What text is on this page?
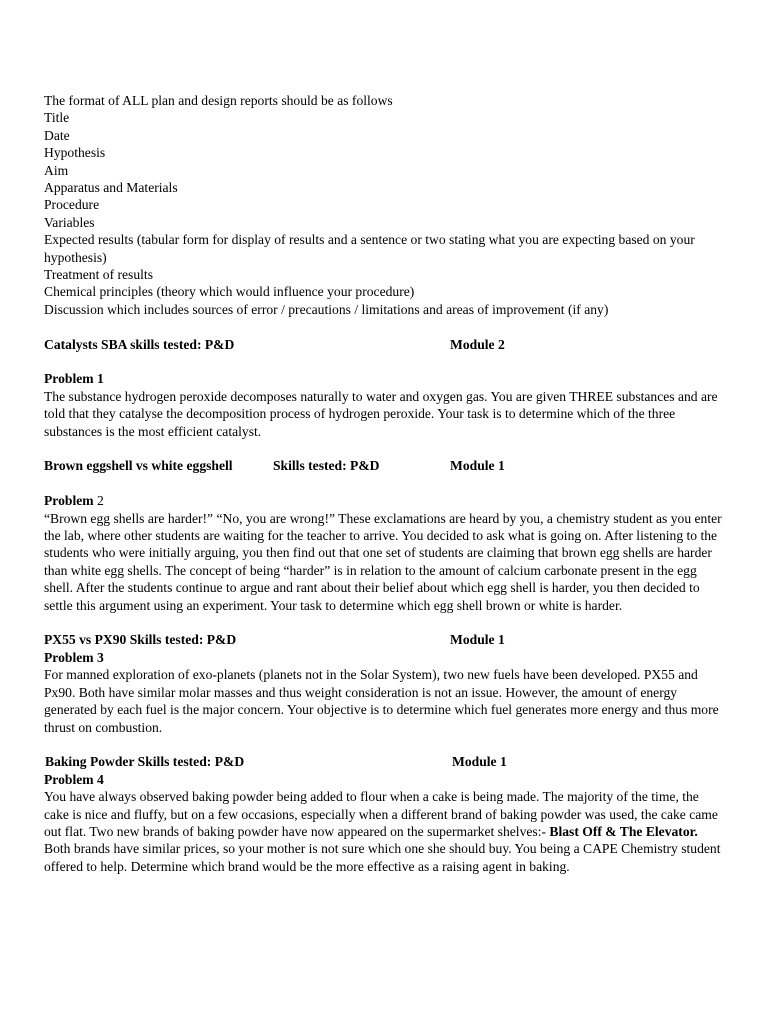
The format of ALL plan and design reports should be as follows

Title

Date

Hypothesis

Aim

Apparatus and Materials

Procedure

Variables

Expected results (tabular form for display of results and a sentence or two stating what you are expecting based on your hypothesis)

Treatment of results

Chemical principles (theory which would influence your procedure)

Discussion which includes sources of error / precautions / limitations and areas of improvement (if any)

Catalysts SBA skills tested: P&D	Module 2

Problem 1

The substance hydrogen peroxide decomposes naturally to water and oxygen gas. You are given THREE substances and are told that they catalyse the decomposition process of hydrogen peroxide. Your task is to determine which of the three substances is the most efficient catalyst.

Brown eggshell vs white eggshell	Skills tested: P&D	Module 1

Problem 2

“Brown egg shells are harder!” “No, you are wrong!” These exclamations are heard by you, a chemistry student as you enter the lab, where other students are waiting for the teacher to arrive. You decided to ask what is going on. After listening to the students who were initially arguing, you then find out that one set of students are claiming that brown egg shells are harder than white egg shells. The concept of being “harder” is in relation to the amount of calcium carbonate present in the egg shell. After the students continue to argue and rant about their belief about which egg shell is harder, you then decided to settle this argument using an experiment. Your task to determine which egg shell brown or white is harder.

PX55 vs PX90 Skills tested: P&D	Module 1

Problem 3

For manned exploration of exo-planets (planets not in the Solar System), two new fuels have been developed. PX55 and Px90. Both have similar molar masses and thus weight consideration is not an issue. However, the amount of energy generated by each fuel is the major concern. Your objective is to determine which fuel generates more energy and thus more thrust on combustion.

Baking Powder Skills tested: P&D	Module 1

Problem 4

You have always observed baking powder being added to flour when a cake is being made. The majority of the time, the cake is nice and fluffy, but on a few occasions, especially when a different brand of baking powder was used, the cake came out flat. Two new brands of baking powder have now appeared on the supermarket shelves:- Blast Off & The Elevator. Both brands have similar prices, so your mother is not sure which one she should buy. You being a CAPE Chemistry student offered to help. Determine which brand would be the more effective as a raising agent in baking.
